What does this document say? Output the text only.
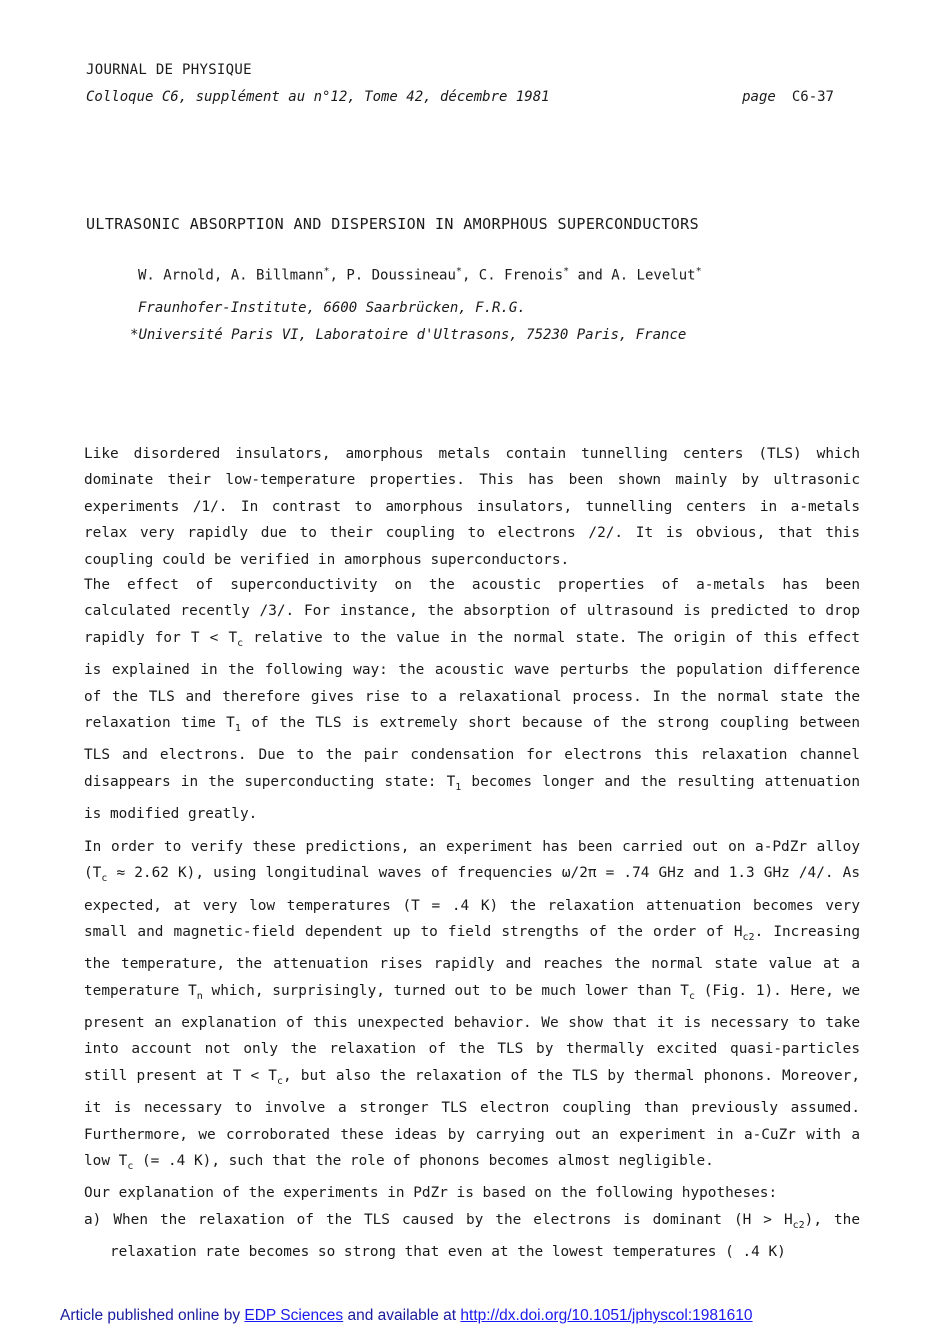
JOURNAL DE PHYSIQUE
Colloque C6, supplément au n°12, Tome 42, décembre 1981	page C6-37
ULTRASONIC ABSORPTION AND DISPERSION IN AMORPHOUS SUPERCONDUCTORS
W. Arnold, A. Billmann*, P. Doussineau*, C. Frenois* and A. Levelut*
Fraunhofer-Institute, 6600 Saarbrücken, F.R.G.
*Université Paris VI, Laboratoire d'Ultrasons, 75230 Paris, France

Like disordered insulators, amorphous metals contain tunnelling centers (TLS) which dominate their low-temperature properties. This has been shown mainly by ultrasonic experiments /1/. In contrast to amorphous insulators, tunnelling centers in a-metals relax very rapidly due to their coupling to electrons /2/. It is obvious, that this coupling could be verified in amorphous superconductors.

The effect of superconductivity on the acoustic properties of a-metals has been calculated recently /3/. For instance, the absorption of ultrasound is predicted to drop rapidly for $T < T_c$ relative to the value in the normal state. The origin of this effect is explained in the following way: the acoustic wave perturbs the population difference of the TLS and therefore gives rise to a relaxational process. In the normal state the relaxation time $T_1$ of the TLS is extremely short because of the strong coupling between TLS and electrons. Due to the pair condensation for electrons this relaxation channel disappears in the superconducting state: $T_1$ becomes longer and the resulting attenuation is modified greatly.

In order to verify these predictions, an experiment has been carried out on a-PdZr alloy ($T_c \approx 2.62$ K), using longitudinal waves of frequencies ω/2π = .74 GHz and 1.3 GHz /4/. As expected, at very low temperatures (T = .4 K) the relaxation attenuation becomes very small and magnetic-field dependent up to field strengths of the order of $H_{c2}$. Increasing the temperature, the attenuation rises rapidly and reaches the normal state value at a temperature $T_n$ which, surprisingly, turned out to be much lower than $T_c$ (Fig. 1). Here, we present an explanation of this unexpected behavior. We show that it is necessary to take into account not only the relaxation of the TLS by thermally excited quasi-particles still present at $T < T_c$, but also the relaxation of the TLS by thermal phonons. Moreover, it is necessary to involve a stronger TLS electron coupling than previously assumed. Furthermore, we corroborated these ideas by carrying out an experiment in a-CuZr with a low $T_c$ (= .4 K), such that the role of phonons becomes almost negligible.

Our explanation of the experiments in PdZr is based on the following hypotheses:

a) When the relaxation of the TLS caused by the electrons is dominant $(H > H_{c2})$, the relaxation rate becomes so strong that even at the lowest temperatures ( .4 K)

Article published online by EDP Sciences and available at http://dx.doi.org/10.1051/jphyscol:1981610
